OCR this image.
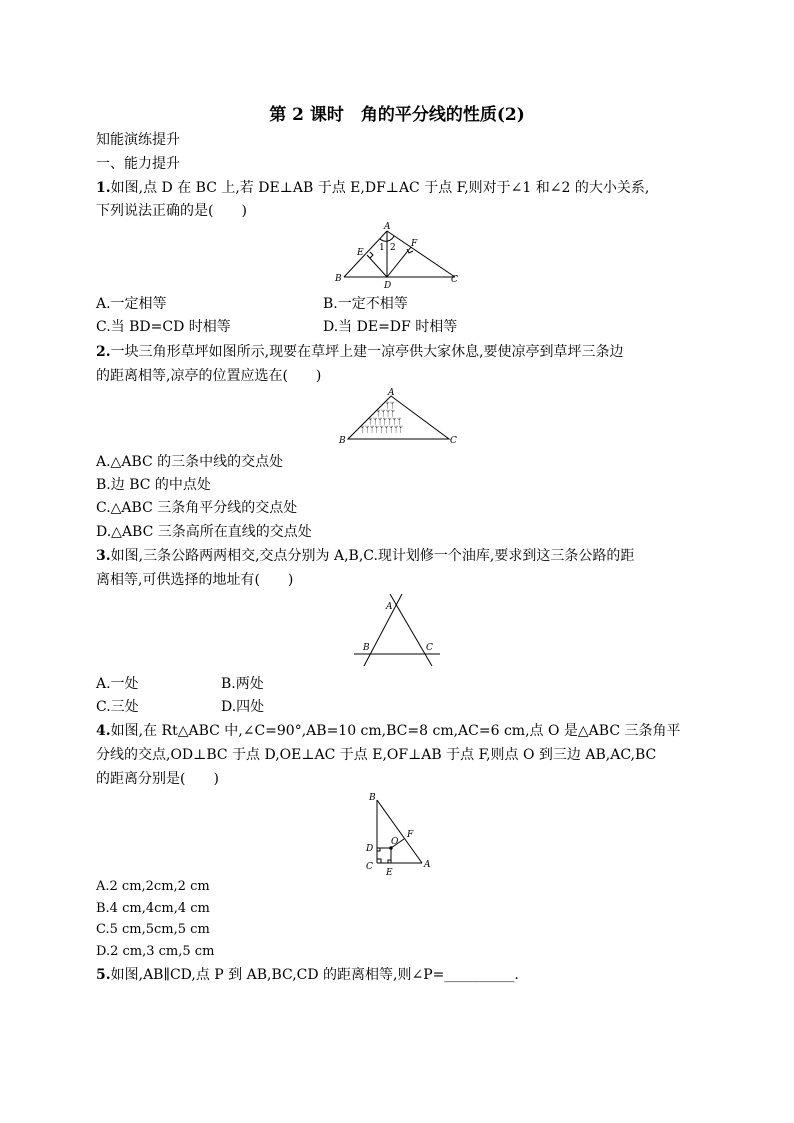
第 2 课时　角的平分线的性质(2)
知能演练提升
一、能力提升
1.如图,点 D 在 BC 上,若 DE⊥AB 于点 E,DF⊥AC 于点 F,则对于∠1 和∠2 的大小关系,
下列说法正确的是(　　)
A
B	C
D
E
F
1 2
A.一定相等	B.一定不相等
C.当 BD=CD 时相等	D.当 DE=DF 时相等
2.一块三角形草坪如图所示,现要在草坪上建一凉亭供大家休息,要使凉亭到草坪三条边
的距离相等,凉亭的位置应选在(　　)
ᛉᛉ
ᛉᛉᛉᛉ
ᛉᛉᛉᛉᛉᛉᛉ
ᛉᛉᛉᛉᛉᛉᛉᛉᛉ
A
B	C
A.△ABC 的三条中线的交点处
B.边 BC 的中点处
C.△ABC 三条角平分线的交点处
D.△ABC 三条高所在直线的交点处
3.如图,三条公路两两相交,交点分别为 A,B,C.现计划修一个油库,要求到这三条公路的距
离相等,可供选择的地址有(　　)
A
B	C
A.一处	B.两处
C.三处	D.四处
4.如图,在 Rt△ABC 中,∠C=90°,AB=10 cm,BC=8 cm,AC=6 cm,点 O 是△ABC 三条角平
分线的交点,OD⊥BC 于点 D,OE⊥AC 于点 E,OF⊥AB 于点 F,则点 O 到三边 AB,AC,BC
的距离分别是(　　)
B
C	A
D
E
F
O
A.2 cm,2cm,2 cm
B.4 cm,4cm,4 cm
C.5 cm,5cm,5 cm
D.2 cm,3 cm,5 cm
5.如图,AB∥CD,点 P 到 AB,BC,CD 的距离相等,则∠P=__________.
